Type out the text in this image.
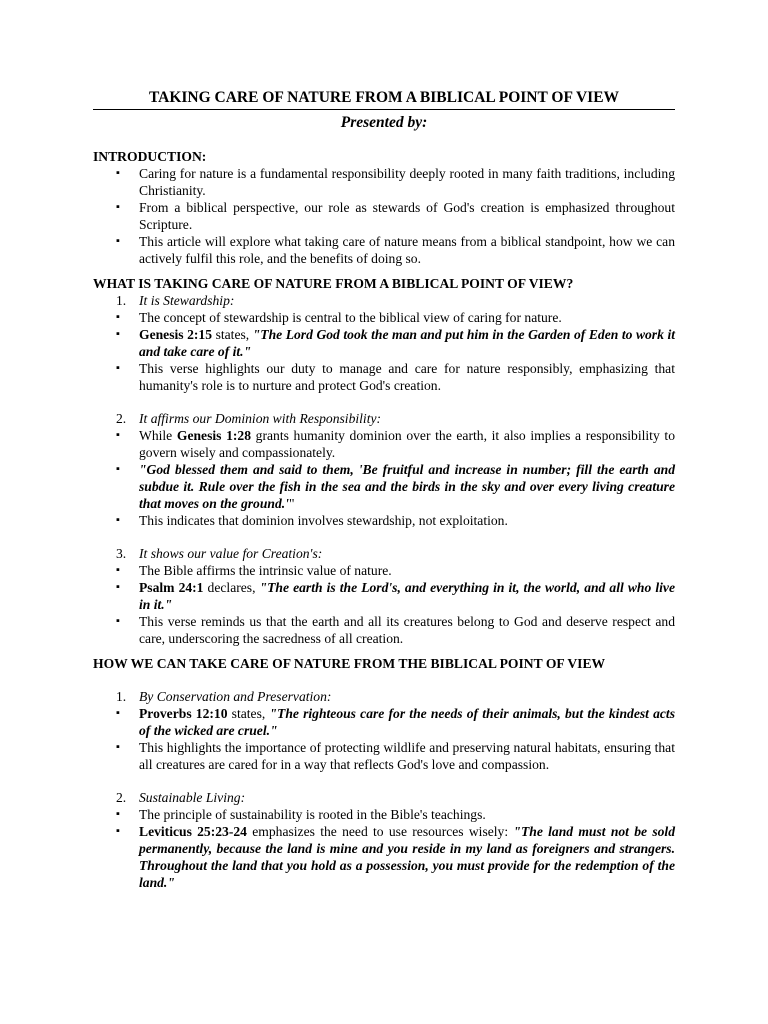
TAKING CARE OF NATURE FROM A BIBLICAL POINT OF VIEW
Presented by:
INTRODUCTION:
▪ Caring for nature is a fundamental responsibility deeply rooted in many faith traditions, including Christianity.
▪ From a biblical perspective, our role as stewards of God's creation is emphasized throughout Scripture.
▪ This article will explore what taking care of nature means from a biblical standpoint, how we can actively fulfil this role, and the benefits of doing so.
WHAT IS TAKING CARE OF NATURE FROM A BIBLICAL POINT OF VIEW?
1. It is Stewardship:
▪ The concept of stewardship is central to the biblical view of caring for nature.
▪ Genesis 2:15 states, "The Lord God took the man and put him in the Garden of Eden to work it and take care of it."
▪ This verse highlights our duty to manage and care for nature responsibly, emphasizing that humanity's role is to nurture and protect God's creation.
2. It affirms our Dominion with Responsibility:
▪ While Genesis 1:28 grants humanity dominion over the earth, it also implies a responsibility to govern wisely and compassionately.
▪ "God blessed them and said to them, 'Be fruitful and increase in number; fill the earth and subdue it. Rule over the fish in the sea and the birds in the sky and over every living creature that moves on the ground.'"
▪ This indicates that dominion involves stewardship, not exploitation.
3. It shows our value for Creation's:
▪ The Bible affirms the intrinsic value of nature.
▪ Psalm 24:1 declares, "The earth is the Lord's, and everything in it, the world, and all who live in it."
▪ This verse reminds us that the earth and all its creatures belong to God and deserve respect and care, underscoring the sacredness of all creation.
HOW WE CAN TAKE CARE OF NATURE FROM THE BIBLICAL POINT OF VIEW
1. By Conservation and Preservation:
▪ Proverbs 12:10 states, "The righteous care for the needs of their animals, but the kindest acts of the wicked are cruel."
▪ This highlights the importance of protecting wildlife and preserving natural habitats, ensuring that all creatures are cared for in a way that reflects God's love and compassion.
2. Sustainable Living:
▪ The principle of sustainability is rooted in the Bible's teachings.
▪ Leviticus 25:23-24 emphasizes the need to use resources wisely: "The land must not be sold permanently, because the land is mine and you reside in my land as foreigners and strangers. Throughout the land that you hold as a possession, you must provide for the redemption of the land."
